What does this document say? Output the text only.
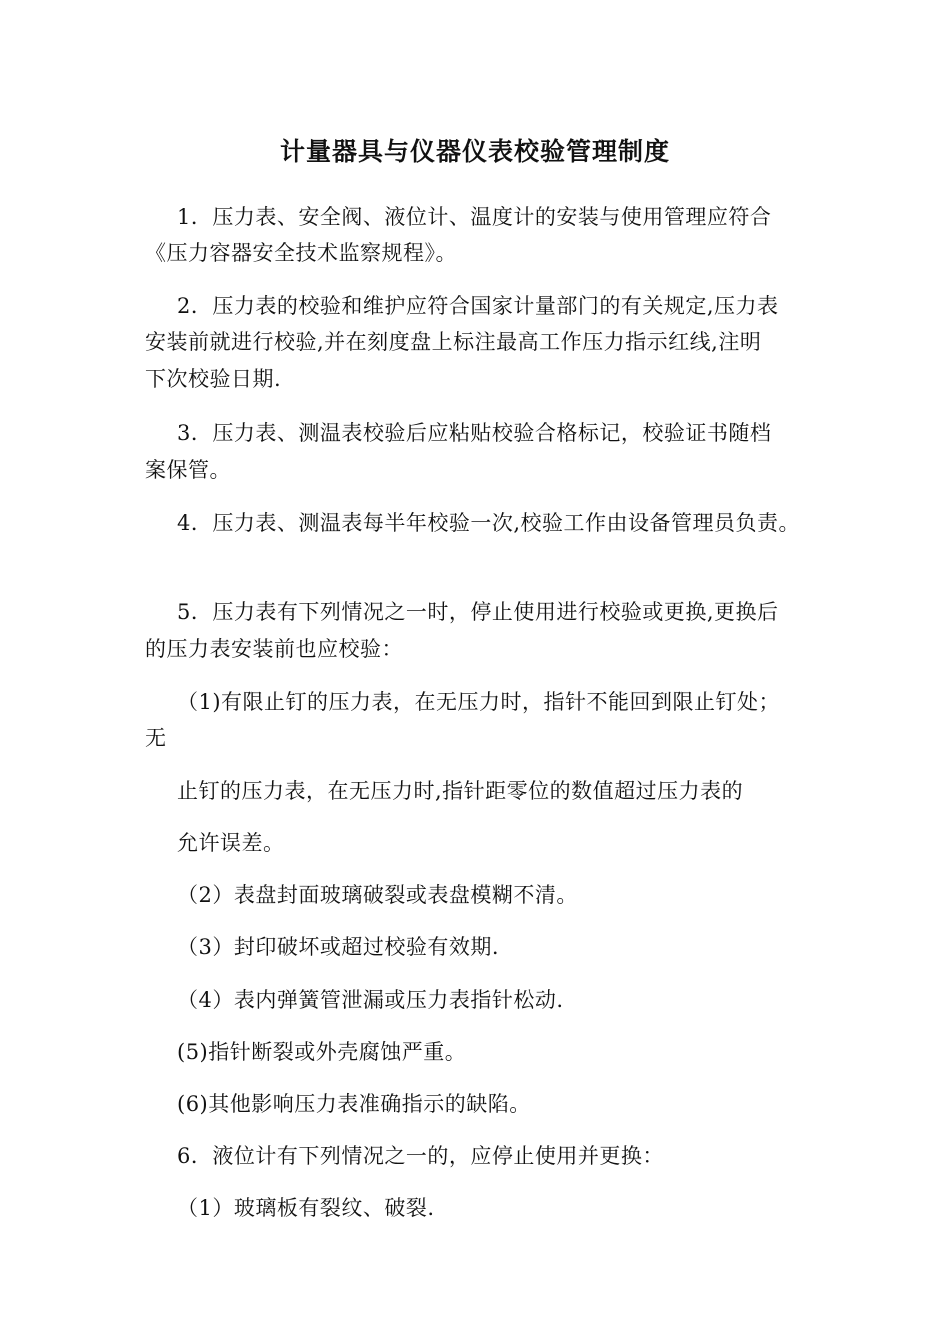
计量器具与仪器仪表校验管理制度
1．压力表、安全阀、液位计、温度计的安装与使用管理应符合
《压力容器安全技术监察规程》。
2．压力表的校验和维护应符合国家计量部门的有关规定,压力表
安装前就进行校验,并在刻度盘上标注最高工作压力指示红线,注明
下次校验日期.
3．压力表、测温表校验后应粘贴校验合格标记，校验证书随档
案保管。
4．压力表、测温表每半年校验一次,校验工作由设备管理员负责。
5．压力表有下列情况之一时，停止使用进行校验或更换,更换后
的压力表安装前也应校验：
（1)有限止钉的压力表，在无压力时，指针不能回到限止钉处；
无
止钉的压力表，在无压力时,指针距零位的数值超过压力表的
允许误差。
（2）表盘封面玻璃破裂或表盘模糊不清。
（3）封印破坏或超过校验有效期.
（4）表内弹簧管泄漏或压力表指针松动.
(5)指针断裂或外壳腐蚀严重。
(6)其他影响压力表准确指示的缺陷。
6．液位计有下列情况之一的，应停止使用并更换：
（1）玻璃板有裂纹、破裂.
